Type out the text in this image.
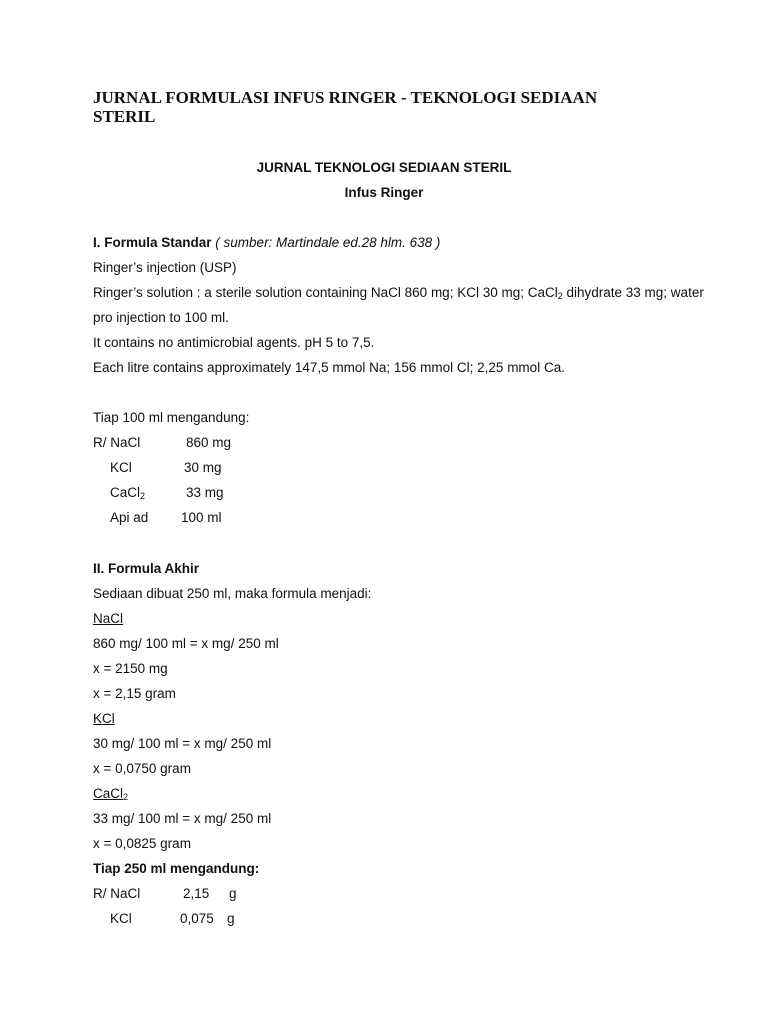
JURNAL FORMULASI INFUS RINGER - TEKNOLOGI SEDIAAN STERIL
JURNAL TEKNOLOGI SEDIAAN STERIL
Infus Ringer
I. Formula Standar ( sumber: Martindale ed.28 hlm. 638 )
Ringer’s injection (USP)
Ringer’s solution : a sterile solution containing NaCl 860 mg; KCl 30 mg; CaCl$_2$ dihydrate 33 mg; water
pro injection to 100 ml.
It contains no antimicrobial agents. pH 5 to 7,5.
Each litre contains approximately 147,5 mmol Na; 156 mmol Cl; 2,25 mmol Ca.
Tiap 100 ml mengandung:
R/ NaCl	860 mg
KCl	30 mg
CaCl$_2$	33 mg
Api ad 100 ml
II. Formula Akhir
Sediaan dibuat 250 ml, maka formula menjadi:
NaCl
860 mg/ 100 ml = x mg/ 250 ml
x = 2150 mg
x = 2,15 gram
KCl
30 mg/ 100 ml = x mg/ 250 ml
x = 0,0750 gram
CaCl$_2$
33 mg/ 100 ml = x mg/ 250 ml
x = 0,0825 gram
Tiap 250 ml mengandung:
R/ NaCl	2,15 g
KCl	0,075 g
